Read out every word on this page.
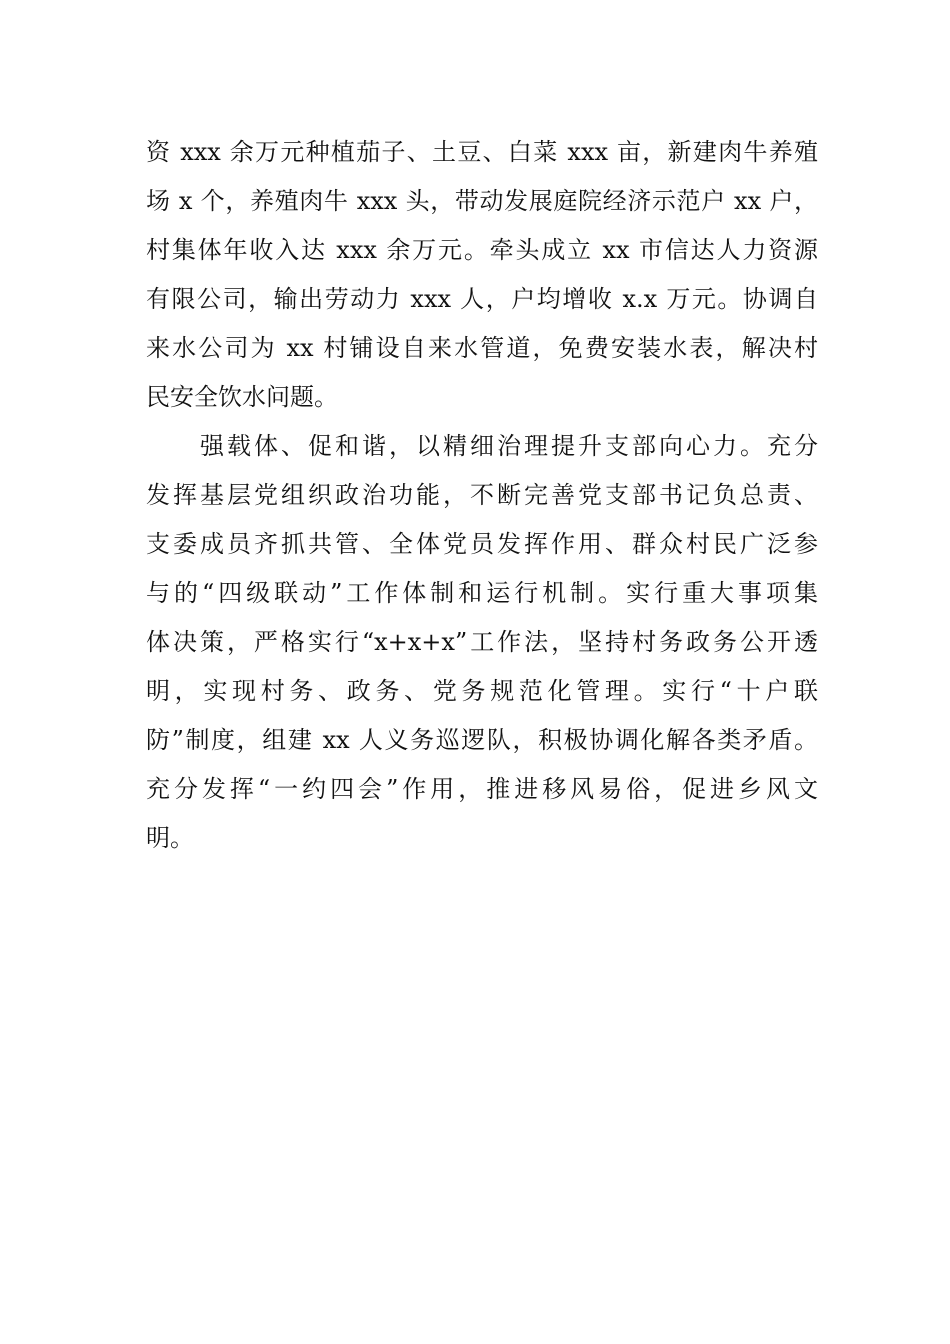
资 xxx 余万元种植茄子、土豆、白菜 xxx 亩，新建肉牛养殖
场 x 个，养殖肉牛 xxx 头，带动发展庭院经济示范户 xx 户，
村集体年收入达 xxx 余万元。牵头成立 xx 市信达人力资源
有限公司，输出劳动力 xxx 人，户均增收 x.x 万元。协调自
来水公司为 xx 村铺设自来水管道，免费安装水表，解决村
民安全饮水问题。
　　强载体、促和谐，以精细治理提升支部向心力。充分
发挥基层党组织政治功能，不断完善党支部书记负总责、
支委成员齐抓共管、全体党员发挥作用、群众村民广泛参
与的“四级联动”工作体制和运行机制。实行重大事项集
体决策，严格实行“x+x+x”工作法，坚持村务政务公开透
明，实现村务、政务、党务规范化管理。实行“十户联
防”制度，组建 xx 人义务巡逻队，积极协调化解各类矛盾。
充分发挥“一约四会”作用，推进移风易俗，促进乡风文
明。
